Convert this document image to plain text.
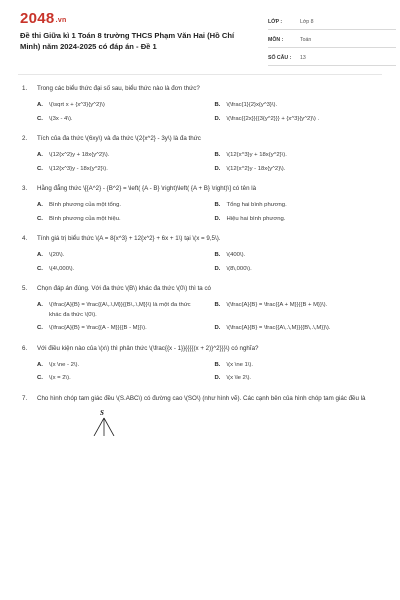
2048.vn
Đề thi Giữa kì 1 Toán 8 trường THCS Phạm Văn Hai (Hồ Chí Minh) năm 2024-2025 có đáp án - Đề 1
LỚP :	Lớp 8
MÔN :	Toán
SỐ CÂU :	13
1.	Trong các biểu thức đại số sau, biểu thức nào là đơn thức?
A.	\(\sqrt x + {x^3}{y^2}\)	B.	\(\frac{1}{2}x{y^3}\).
C.	\(3x - 4\).	D.	\(\frac{{2x}}{{3{y^2}}} + {x^3}{y^2}\) .
2.	Tích của đa thức \(6xy\) và đa thức \(2{x^2} - 3y\) là đa thức
A.	\(12{x^2}y + 18x{y^2}\).	B.	\(12{x^3}y + 18x{y^2}\).
C.	\(12{x^3}y - 18x{y^2}\).	D.	\(12{x^2}y - 18x{y^2}\).
3.	Hằng đẳng thức \[{A^2} - {B^2} = \left( {A - B} \right)\left( {A + B} \right)\] có tên là
A.	Bình phương của một tổng.	B.	Tổng hai bình phương.
C.	Bình phương của một hiệu.	D.	Hiệu hai bình phương.
4.	Tính giá trị biểu thức \(A = 8{x^3} + 12{x^2} + 6x + 1\) tại \(x = 9,5\).
A.	\(20\).	B.	\(400\).
C.	\(4\,000\).	D.	\(8\,000\).
5.	Chọn đáp án đúng. Với đa thức \(B\) khác đa thức \(0\) thì ta có
A.	\(\frac{A}{B} = \frac{{A\,.\,M}}{{B\,.\,M}}\) là một đa thức khác đa thức \(0\).
B.	\(\frac{A}{B} = \frac{{A + M}}{{B + M}}\).
C.	\(\frac{A}{B} = \frac{{A - M}}{{B - M}}\).	D.	\(\frac{A}{B} = \frac{{A\,.\,M}}{{B\,.\,M}}\).
6.	Với điều kiện nào của \(x\) thì phân thức \(\frac{{x - 1}}{{{{(x + 2)}^2}}}\) có nghĩa?
A.	\(x \ne - 2\).	B.	\(x \ne 1\).
C.	\(x = 2\).	D.	\(x \le 2\).
7.	Cho hình chóp tam giác đều \(S.ABC\) có đường cao \(SO\) (như hình vẽ). Các cạnh bên của hình chóp tam giác đều là
S
